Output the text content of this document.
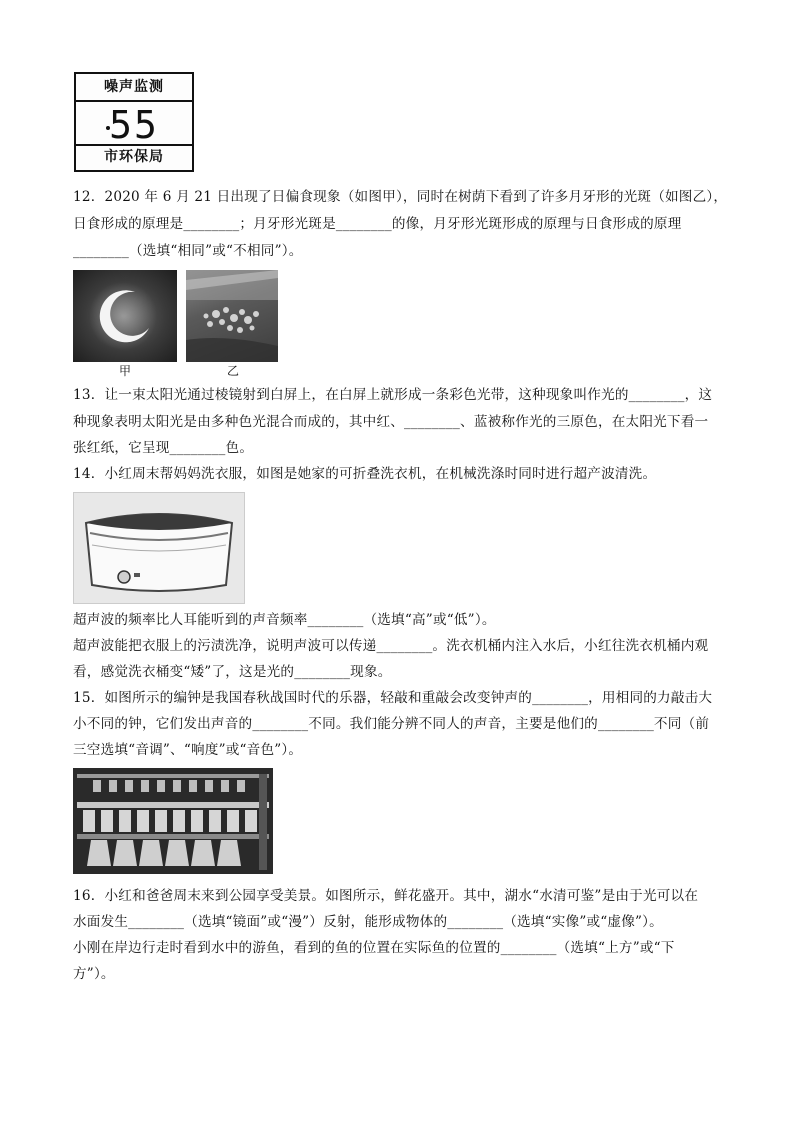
噪声监测
55
市环保局
12．2020 年 6 月 21 日出现了日偏食现象（如图甲），同时在树荫下看到了许多月牙形的光斑（如图乙），
日食形成的原理是________；月牙形光斑是________的像，月牙形光斑形成的原理与日食形成的原理
________（选填“相同”或“不相同”）。
甲	乙
13．让一束太阳光通过棱镜射到白屏上，在白屏上就形成一条彩色光带，这种现象叫作光的________，这
种现象表明太阳光是由多种色光混合而成的，其中红、________、蓝被称作光的三原色，在太阳光下看一
张红纸，它呈现________色。
14．小红周末帮妈妈洗衣服，如图是她家的可折叠洗衣机，在机械洗涤时同时进行超产波清洗。
超声波的频率比人耳能听到的声音频率________（选填“高”或“低”）。
超声波能把衣服上的污渍洗净，说明声波可以传递________。洗衣机桶内注入水后，小红往洗衣机桶内观
看，感觉洗衣桶变“矮”了，这是光的________现象。
15．如图所示的编钟是我国春秋战国时代的乐器，轻敲和重敲会改变钟声的________，用相同的力敲击大
小不同的钟，它们发出声音的________不同。我们能分辨不同人的声音，主要是他们的________不同（前
三空选填“音调”、“响度”或“音色”）。
16．小红和爸爸周末来到公园享受美景。如图所示，鲜花盛开。其中，湖水“水清可鉴”是由于光可以在
水面发生________（选填“镜面”或“漫”）反射，能形成物体的________（选填“实像”或“虚像”）。
小刚在岸边行走时看到水中的游鱼，看到的鱼的位置在实际鱼的位置的________（选填“上方”或“下
方”）。
